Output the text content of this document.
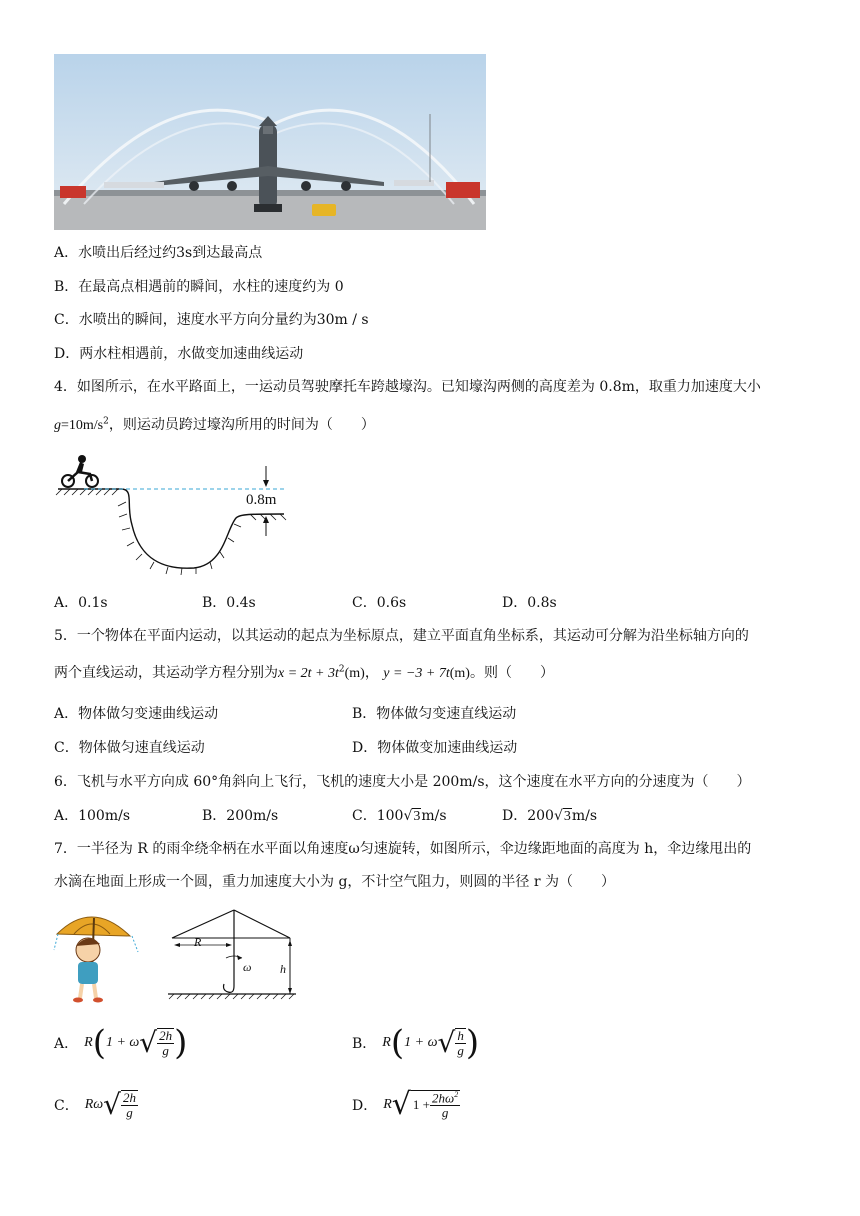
A．水喷出后经过约3s到达最高点
B．在最高点相遇前的瞬间，水柱的速度约为 0
C．水喷出的瞬间，速度水平方向分量约为30m / s
D．两水柱相遇前，水做变加速曲线运动
4．如图所示，在水平路面上，一运动员驾驶摩托车跨越壕沟。已知壕沟两侧的高度差为 0.8m，取重力加速度大小
$g=10m/s^2$，则运动员跨过壕沟所用的时间为（　　）
0.8m
A．0.1s	B．0.4s	C．0.6s	D．0.8s
5．一个物体在平面内运动，以其运动的起点为坐标原点，建立平面直角坐标系，其运动可分解为沿坐标轴方向的
两个直线运动，其运动学方程分别为$x = 2t + 3t^2(m)$， y = −3 + 7t(m)。则（　　）
A．物体做匀变速曲线运动	B．物体做匀变速直线运动
C．物体做匀速直线运动	D．物体做变加速曲线运动
6．飞机与水平方向成 60°角斜向上飞行，飞机的速度大小是 200m/s，这个速度在水平方向的分速度为（　　）
A．100m/s	B．200m/s	C．100√3m/s	D．200√3m/s
7．一半径为 R 的雨伞绕伞柄在水平面以角速度ω匀速旋转，如图所示，伞边缘距地面的高度为 h，伞边缘甩出的
水滴在地面上形成一个圆，重力加速度大小为 g，不计空气阻力，则圆的半径 r 为（　　）
R
ω h
A． R ( 1 + ω √ $\frac{2h}{g}$ )	B． R ( 1 + ω √ $\frac{h}{g}$ )
C． Rω √ $\frac{2h}{g}$	D． R √ $1 + \frac{2h\omega^2}{g}$
